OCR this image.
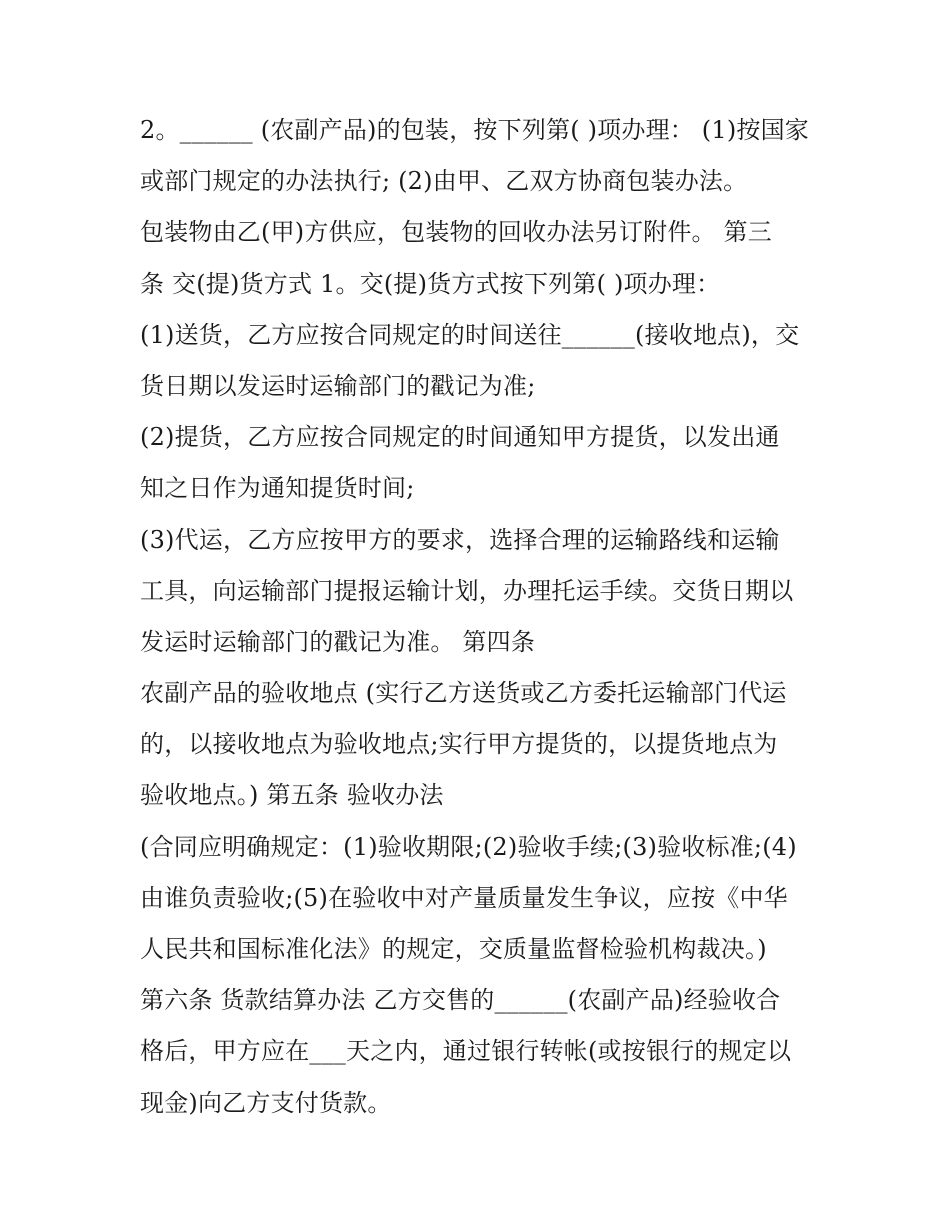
2。______ (农副产品)的包装，按下列第( )项办理： (1)按国家
或部门规定的办法执行; (2)由甲、乙双方协商包装办法。
包装物由乙(甲)方供应，包装物的回收办法另订附件。 第三
条 交(提)货方式 1。交(提)货方式按下列第( )项办理：
(1)送货，乙方应按合同规定的时间送往______(接收地点)，交
货日期以发运时运输部门的戳记为准;
(2)提货，乙方应按合同规定的时间通知甲方提货，以发出通
知之日作为通知提货时间;
(3)代运，乙方应按甲方的要求，选择合理的运输路线和运输
工具，向运输部门提报运输计划，办理托运手续。交货日期以
发运时运输部门的戳记为准。 第四条
农副产品的验收地点 (实行乙方送货或乙方委托运输部门代运
的，以接收地点为验收地点;实行甲方提货的，以提货地点为
验收地点。) 第五条 验收办法
(合同应明确规定：(1)验收期限;(2)验收手续;(3)验收标准;(4)
由谁负责验收;(5)在验收中对产量质量发生争议，应按《中华
人民共和国标准化法》的规定，交质量监督检验机构裁决。)
第六条 货款结算办法 乙方交售的______(农副产品)经验收合
格后，甲方应在___天之内，通过银行转帐(或按银行的规定以
现金)向乙方支付货款。
